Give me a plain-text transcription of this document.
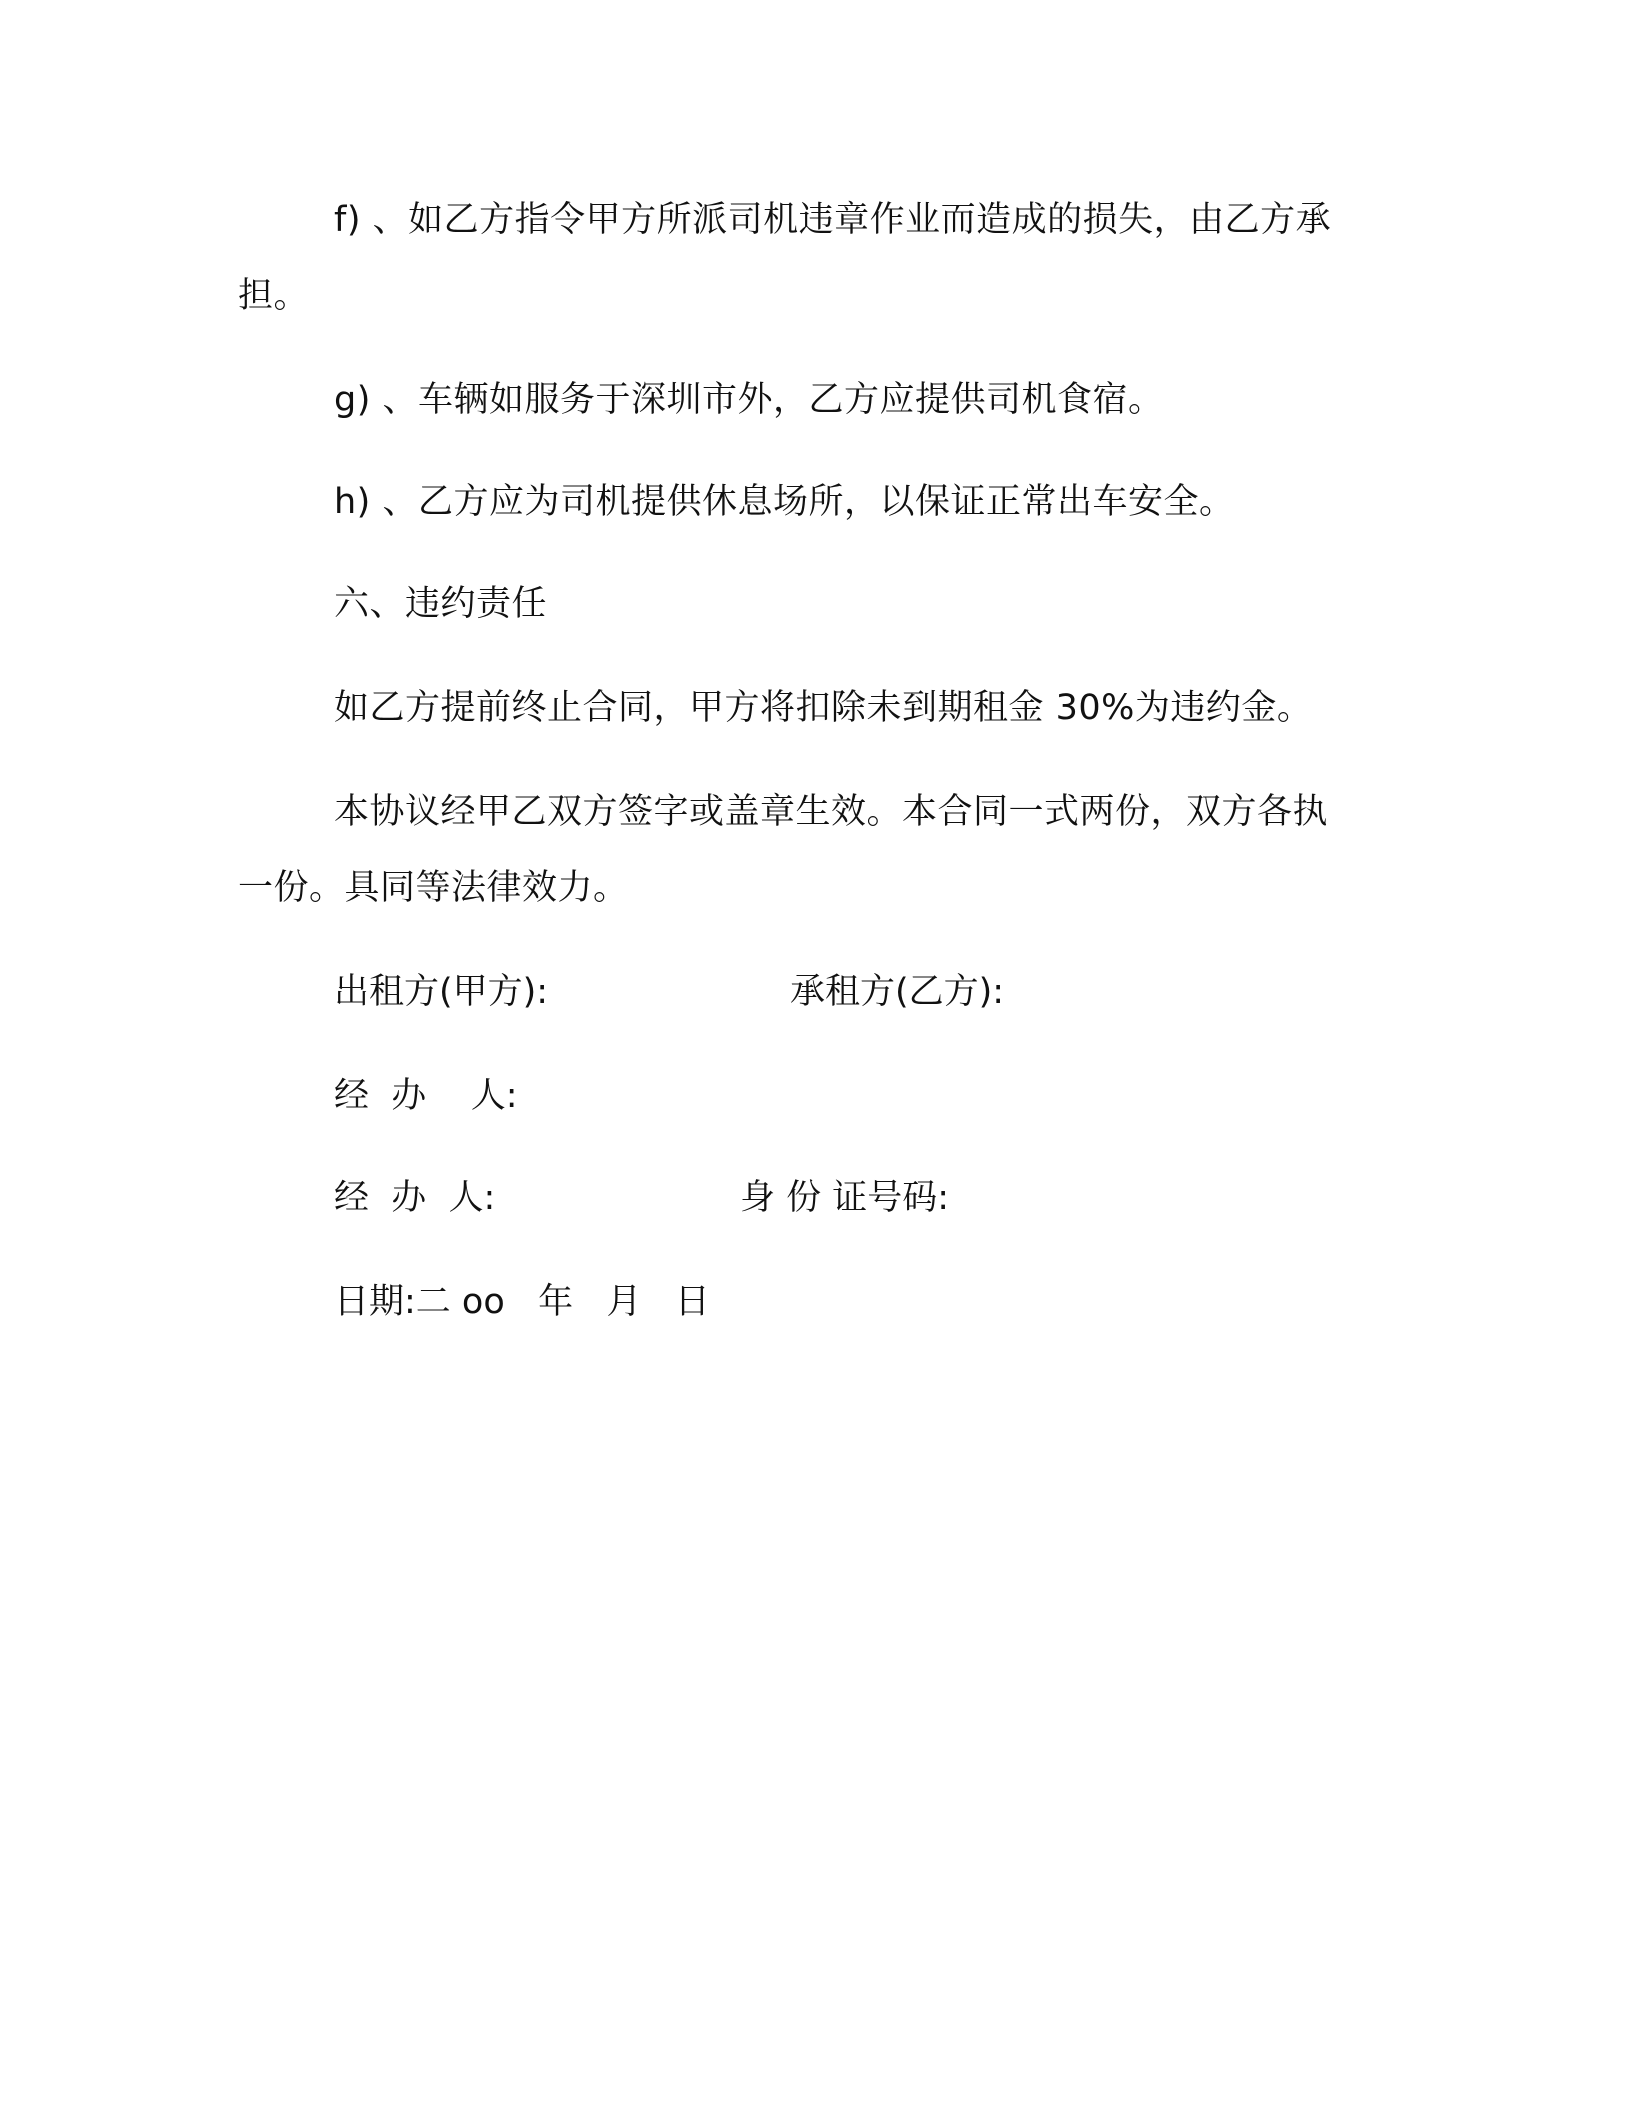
f) 、如乙方指令甲方所派司机违章作业而造成的损失，由乙方承
担。
g) 、车辆如服务于深圳市外，乙方应提供司机食宿。
h) 、乙方应为司机提供休息场所，以保证正常出车安全。
六、违约责任
如乙方提前终止合同，甲方将扣除未到期租金 30%为违约金。
本协议经甲乙双方签字或盖章生效。本合同一式两份，双方各执
一份。具同等法律效力。
出租方(甲方):	承租方(乙方):
经  办    人:
经  办  人:	身 份 证号码:
日期:二 oo   年   月   日
